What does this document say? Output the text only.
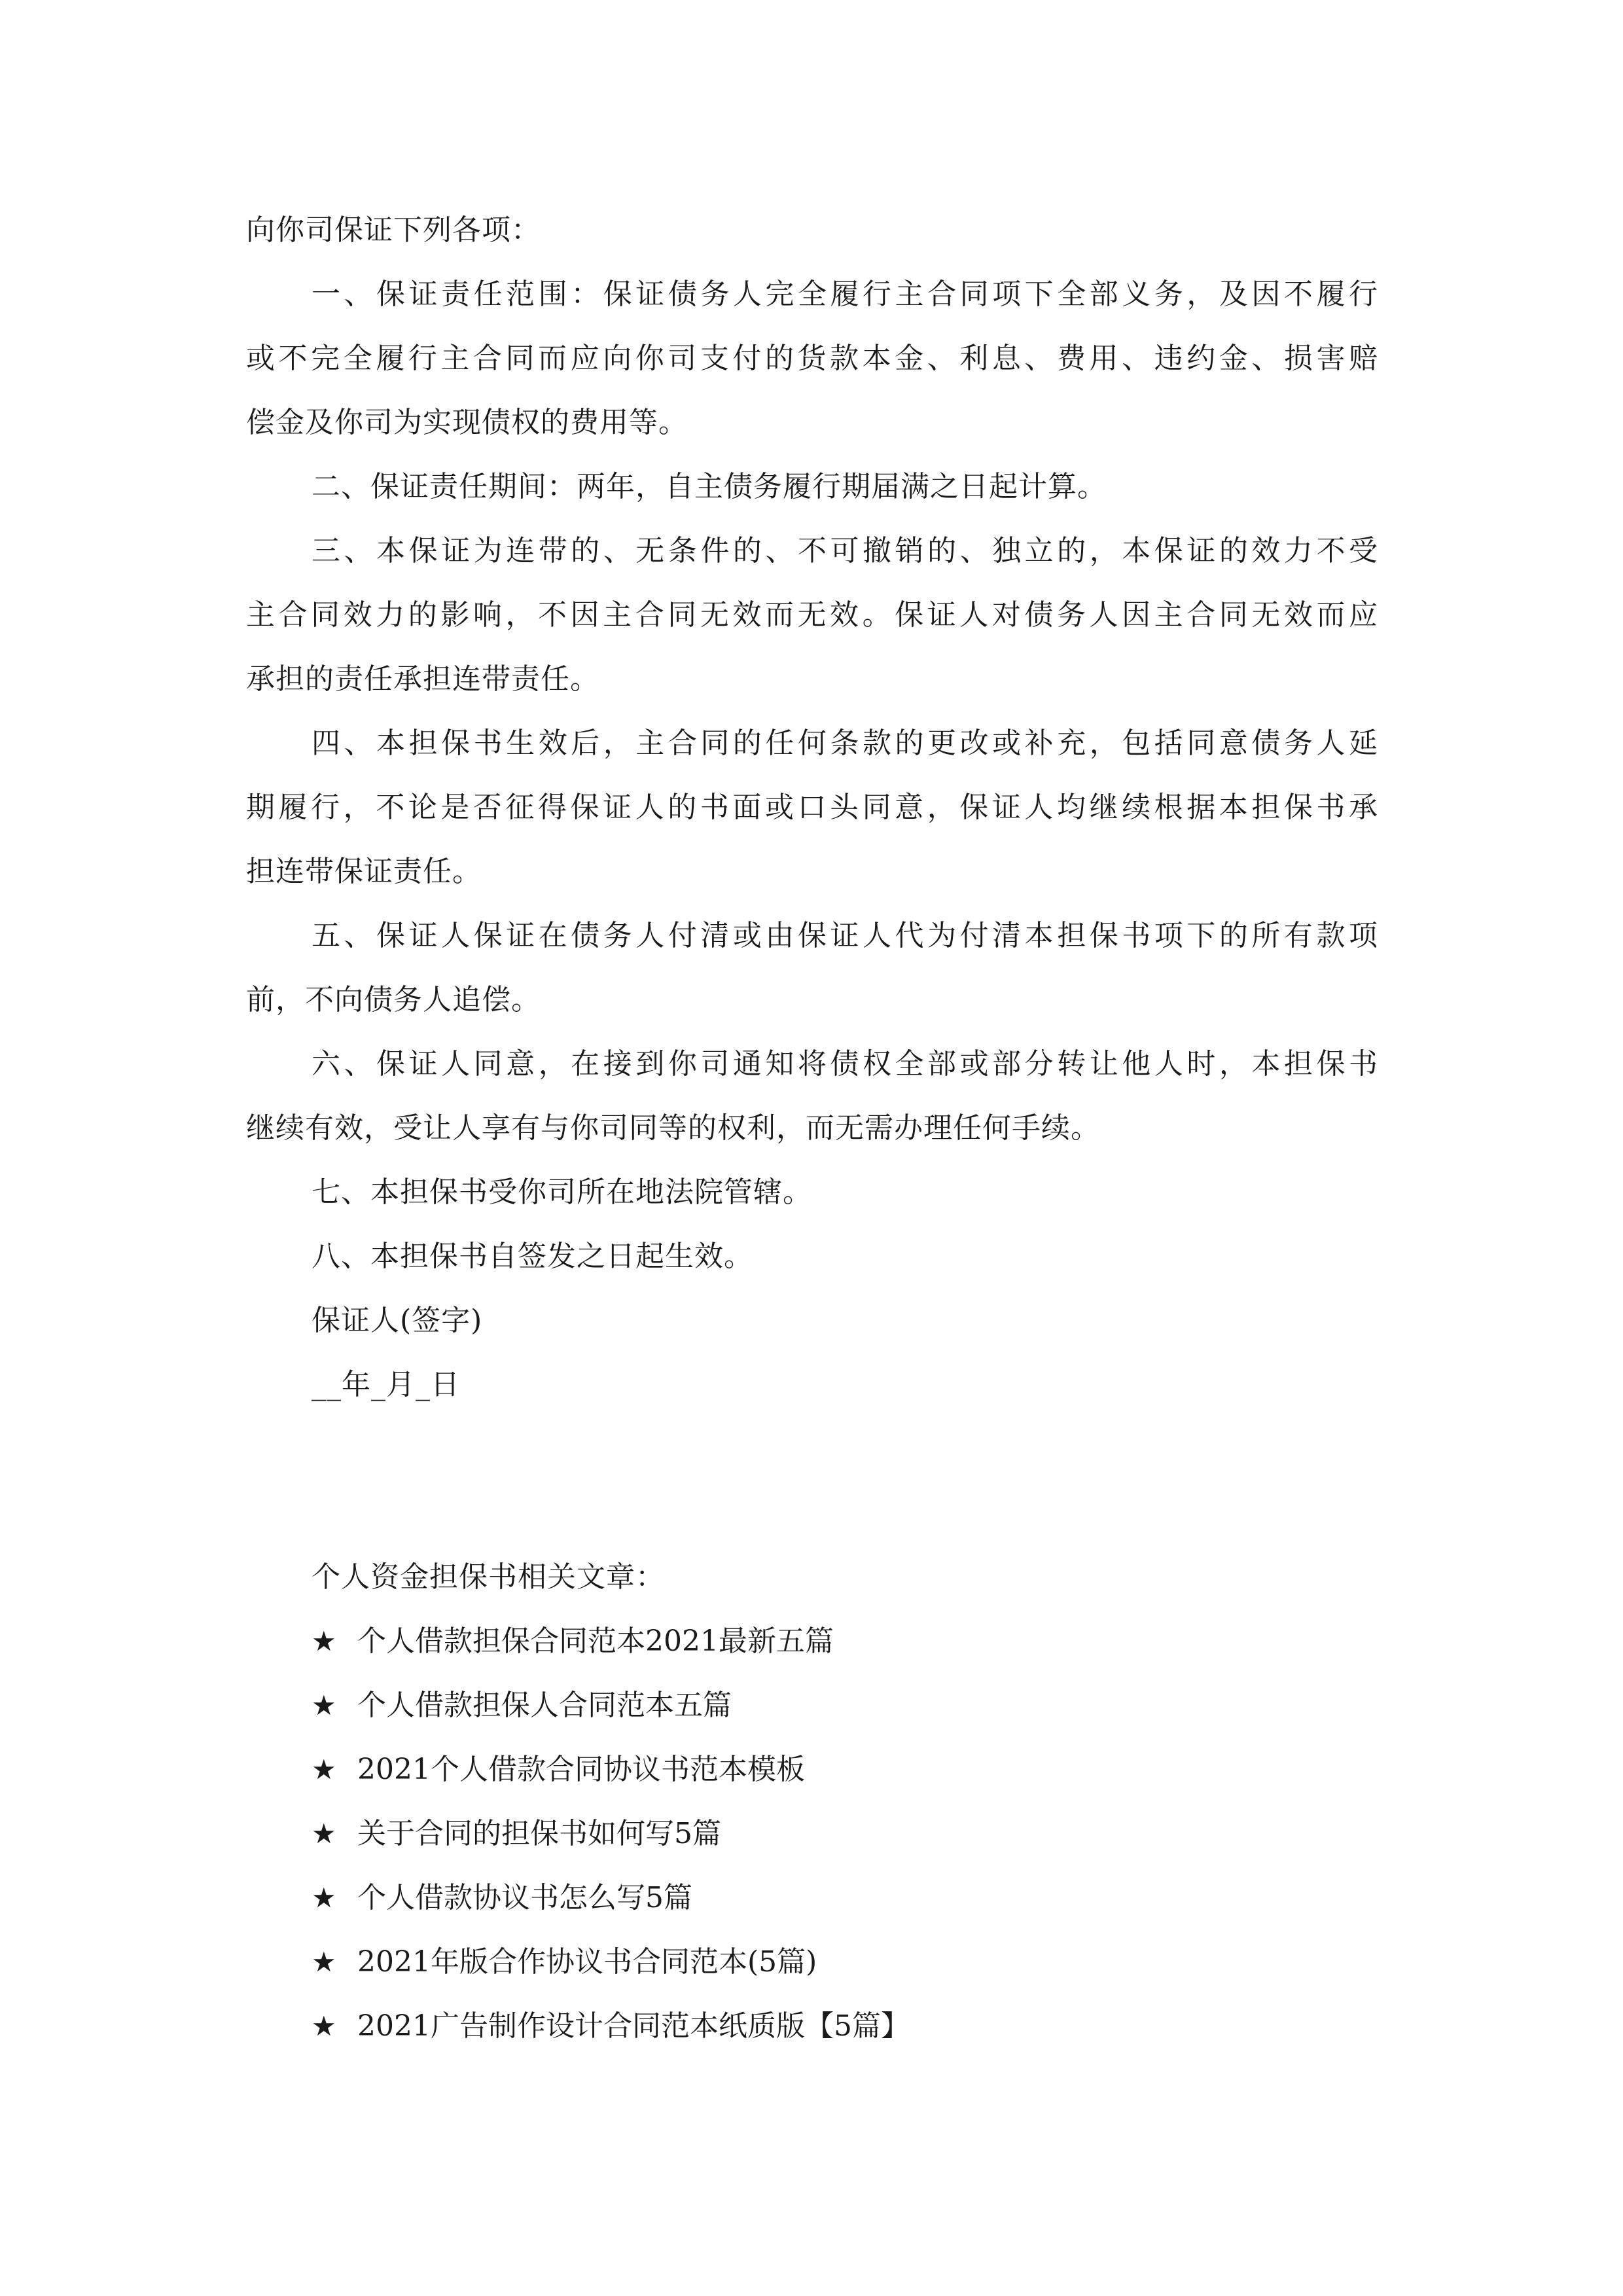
向你司保证下列各项：
一、保证责任范围：保证债务人完全履行主合同项下全部义务，及因不履行
或不完全履行主合同而应向你司支付的货款本金、利息、费用、违约金、损害赔
偿金及你司为实现债权的费用等。
二、保证责任期间：两年，自主债务履行期届满之日起计算。
三、本保证为连带的、无条件的、不可撤销的、独立的，本保证的效力不受
主合同效力的影响，不因主合同无效而无效。保证人对债务人因主合同无效而应
承担的责任承担连带责任。
四、本担保书生效后，主合同的任何条款的更改或补充，包括同意债务人延
期履行，不论是否征得保证人的书面或口头同意，保证人均继续根据本担保书承
担连带保证责任。
五、保证人保证在债务人付清或由保证人代为付清本担保书项下的所有款项
前，不向债务人追偿。
六、保证人同意，在接到你司通知将债权全部或部分转让他人时，本担保书
继续有效，受让人享有与你司同等的权利，而无需办理任何手续。
七、本担保书受你司所在地法院管辖。
八、本担保书自签发之日起生效。
保证人(签字)
__年_月_日
个人资金担保书相关文章：
★ 个人借款担保合同范本2021最新五篇
★ 个人借款担保人合同范本五篇
★ 2021个人借款合同协议书范本模板
★ 关于合同的担保书如何写5篇
★ 个人借款协议书怎么写5篇
★ 2021年版合作协议书合同范本(5篇)
★ 2021广告制作设计合同范本纸质版【5篇】
